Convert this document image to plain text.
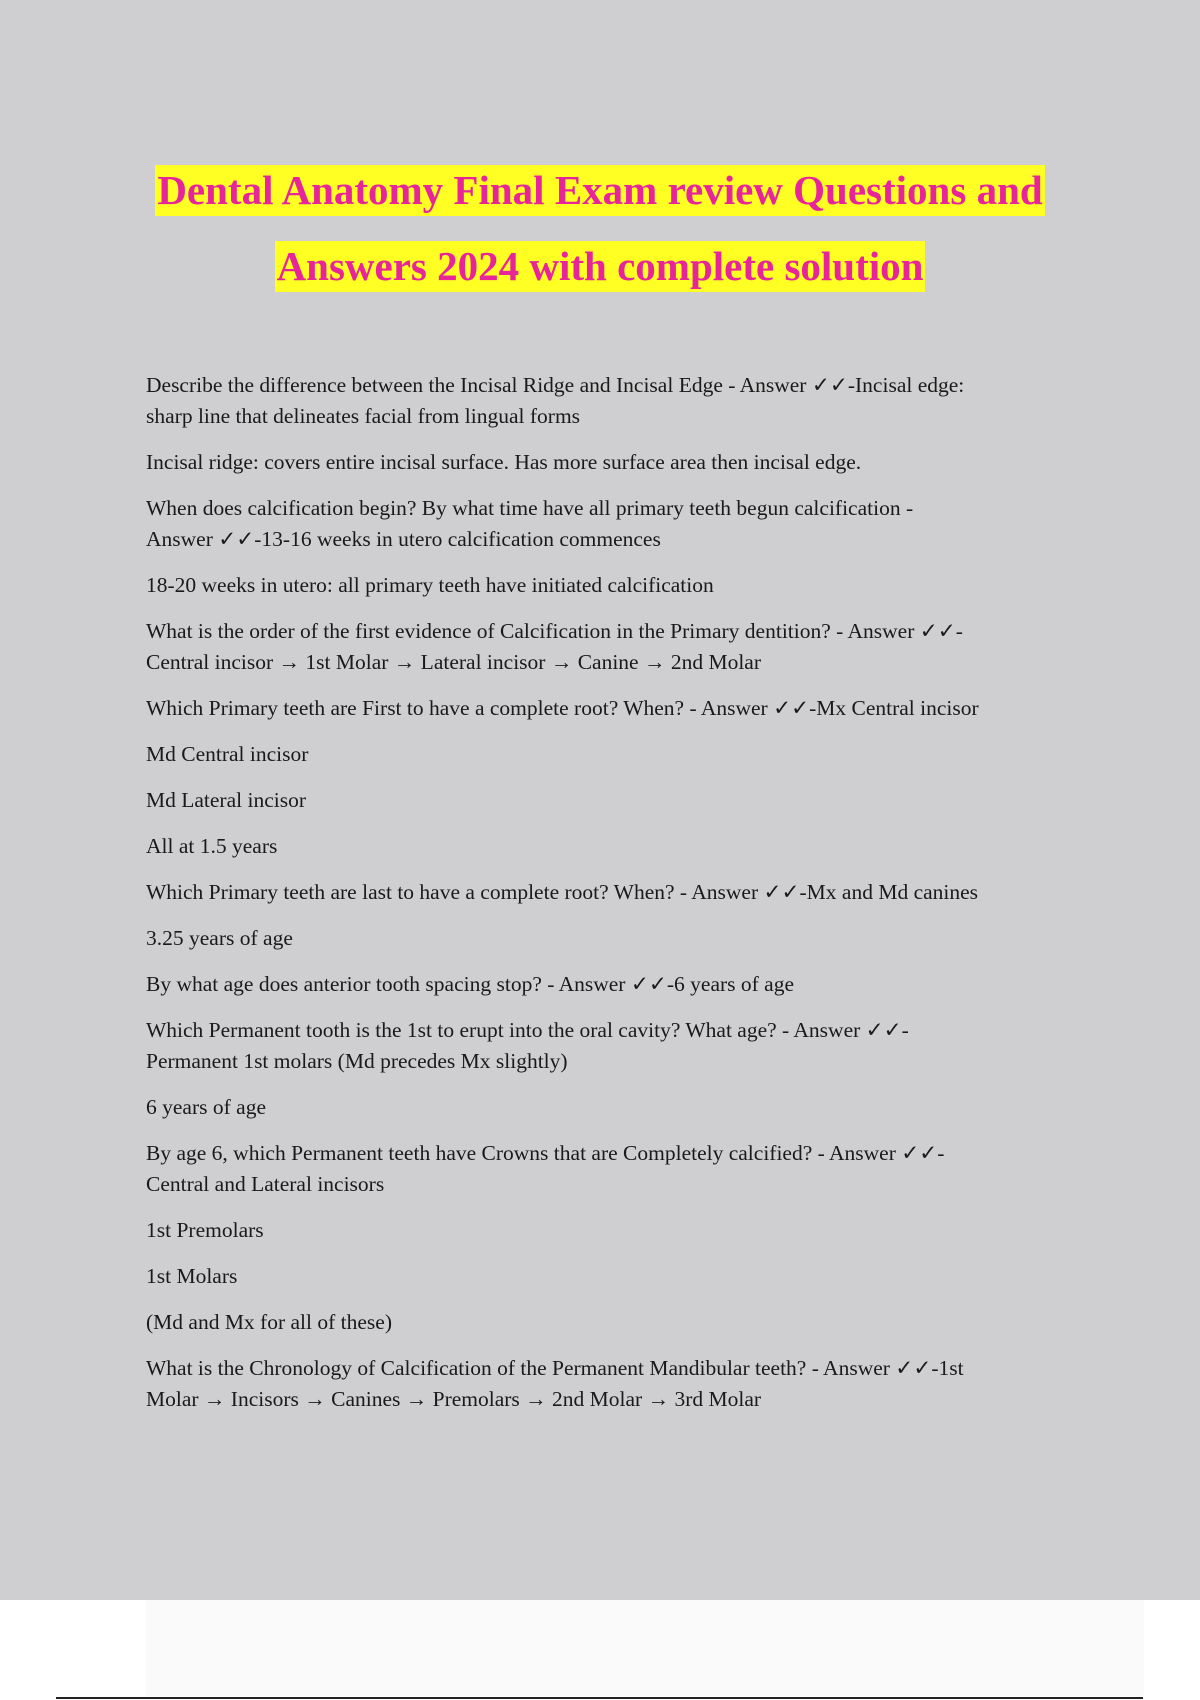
Dental Anatomy Final Exam review Questions and
Answers 2024 with complete solution

Describe the difference between the Incisal Ridge and Incisal Edge - Answer ✓✓-Incisal edge:
sharp line that delineates facial from lingual forms

Incisal ridge: covers entire incisal surface. Has more surface area then incisal edge.

When does calcification begin? By what time have all primary teeth begun calcification -
Answer ✓✓-13-16 weeks in utero calcification commences

18-20 weeks in utero: all primary teeth have initiated calcification

What is the order of the first evidence of Calcification in the Primary dentition? - Answer ✓✓-
Central incisor → 1st Molar → Lateral incisor → Canine → 2nd Molar

Which Primary teeth are First to have a complete root? When? - Answer ✓✓-Mx Central incisor

Md Central incisor

Md Lateral incisor

All at 1.5 years

Which Primary teeth are last to have a complete root? When? - Answer ✓✓-Mx and Md canines

3.25 years of age

By what age does anterior tooth spacing stop? - Answer ✓✓-6 years of age

Which Permanent tooth is the 1st to erupt into the oral cavity? What age? - Answer ✓✓-
Permanent 1st molars (Md precedes Mx slightly)

6 years of age

By age 6, which Permanent teeth have Crowns that are Completely calcified? - Answer ✓✓-
Central and Lateral incisors

1st Premolars

1st Molars

(Md and Mx for all of these)

What is the Chronology of Calcification of the Permanent Mandibular teeth? - Answer ✓✓-1st
Molar → Incisors → Canines → Premolars → 2nd Molar → 3rd Molar
